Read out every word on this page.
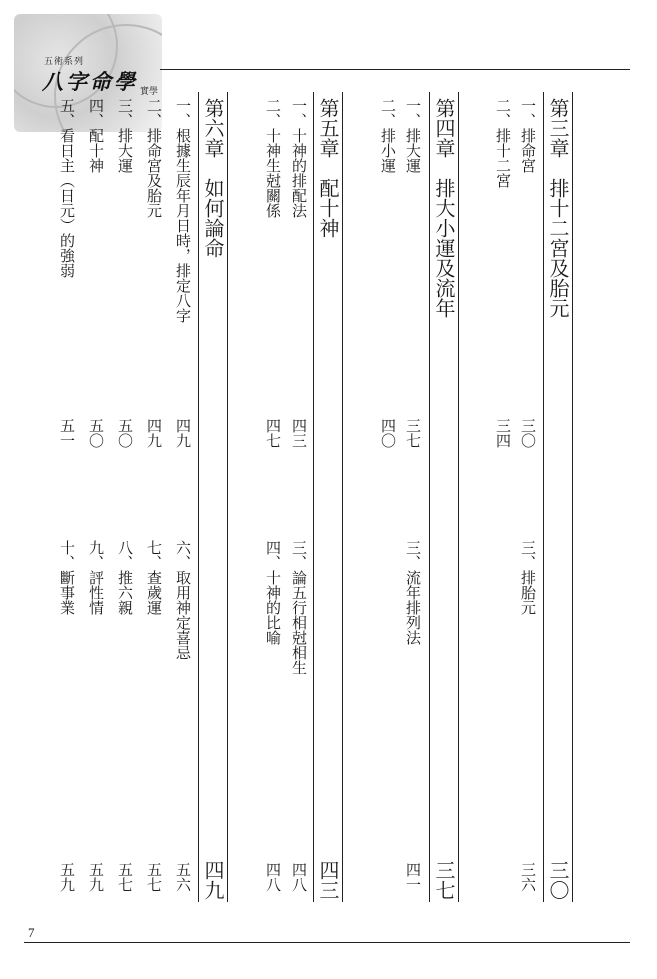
五術系列
八字命學 實學
第三章　排十二宮及胎元
三〇
一、排命宮
三〇
三、排胎元
三六
二、排十二宮
三四
第四章　排大小運及流年
三七
一、排大運
三七
三、流年排列法
四一
二、排小運
四〇
第五章　配十神
四三
一、十神的排配法
四三
三、論五行相尅相生
四八
二、十神生尅關係
四七
四、十神的比喻
四八
第六章　如何論命
四九
一、根據生辰年月日時，排定八字
四九
六、取用神定喜忌
五六
二、排命宮及胎元
四九
七、查歲運
五七
三、排大運
五〇
八、推六親
五七
四、配十神
五〇
九、評性情
五九
五、看日主（日元）的強弱
五一
十、斷事業
五九
7
